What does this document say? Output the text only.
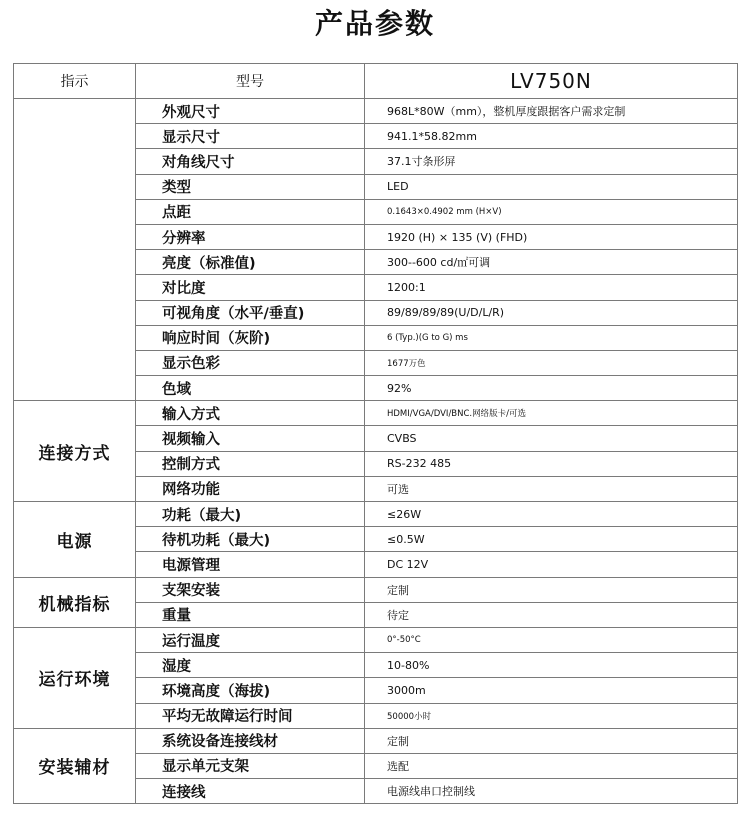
产品参数
指示	型号	LV750N
	外观尺寸	968L*80W（mm），整机厚度跟据客户需求定制
	显示尺寸	941.1*58.82mm
	对角线尺寸	37.1寸条形屏
	类型	LED
	点距	0.1643×0.4902 mm (H×V)
	分辨率	1920 (H) × 135 (V) (FHD)
	亮度（标准值)	300--600 cd/㎡可调
	对比度	1200:1
	可视角度（水平/垂直)	89/89/89/89(U/D/L/R)
	响应时间（灰阶)	6 (Typ.)(G to G) ms
	显示色彩	1677万色
	色域	92%
连接方式	输入方式	HDMI/VGA/DVI/BNC.网络版卡/可选
	视频输入	CVBS
	控制方式	RS-232 485
	网络功能	可选
电源	功耗（最大)	≤26W
	待机功耗（最大)	≤0.5W
	电源管理	DC 12V
机械指标	支架安装	定制
	重量	待定
运行环境	运行温度	0°-50°C
	湿度	10-80%
	环境高度（海拔)	3000m
	平均无故障运行时间	50000小时
安装辅材	系统设备连接线材	定制
	显示单元支架	选配
	连接线	电源线串口控制线
